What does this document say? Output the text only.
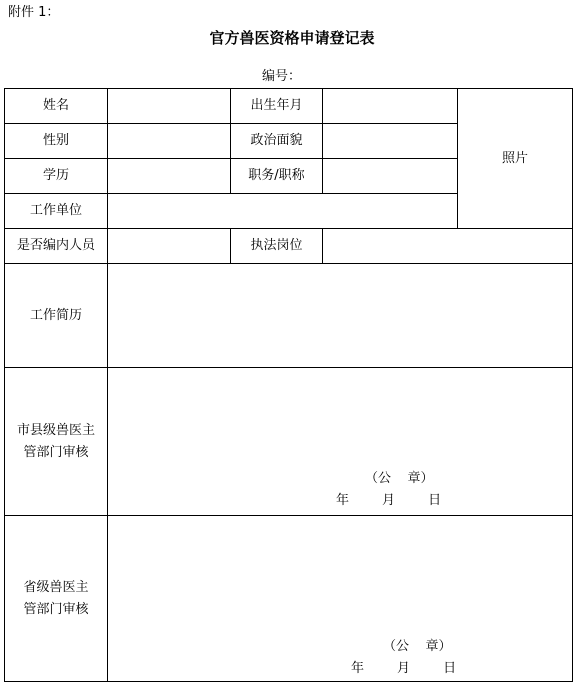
附件 1：
官方兽医资格申请登记表
编号：
姓名		出生年月		照片
性别		政治面貌		
学历		职务/职称		
工作单位				
是否编内人员		执法岗位		
工作简历				
市县级兽医主
管部门审核	（公    章）
年        月        日			

省级兽医主
管部门审核	（公    章）
年        月        日			
